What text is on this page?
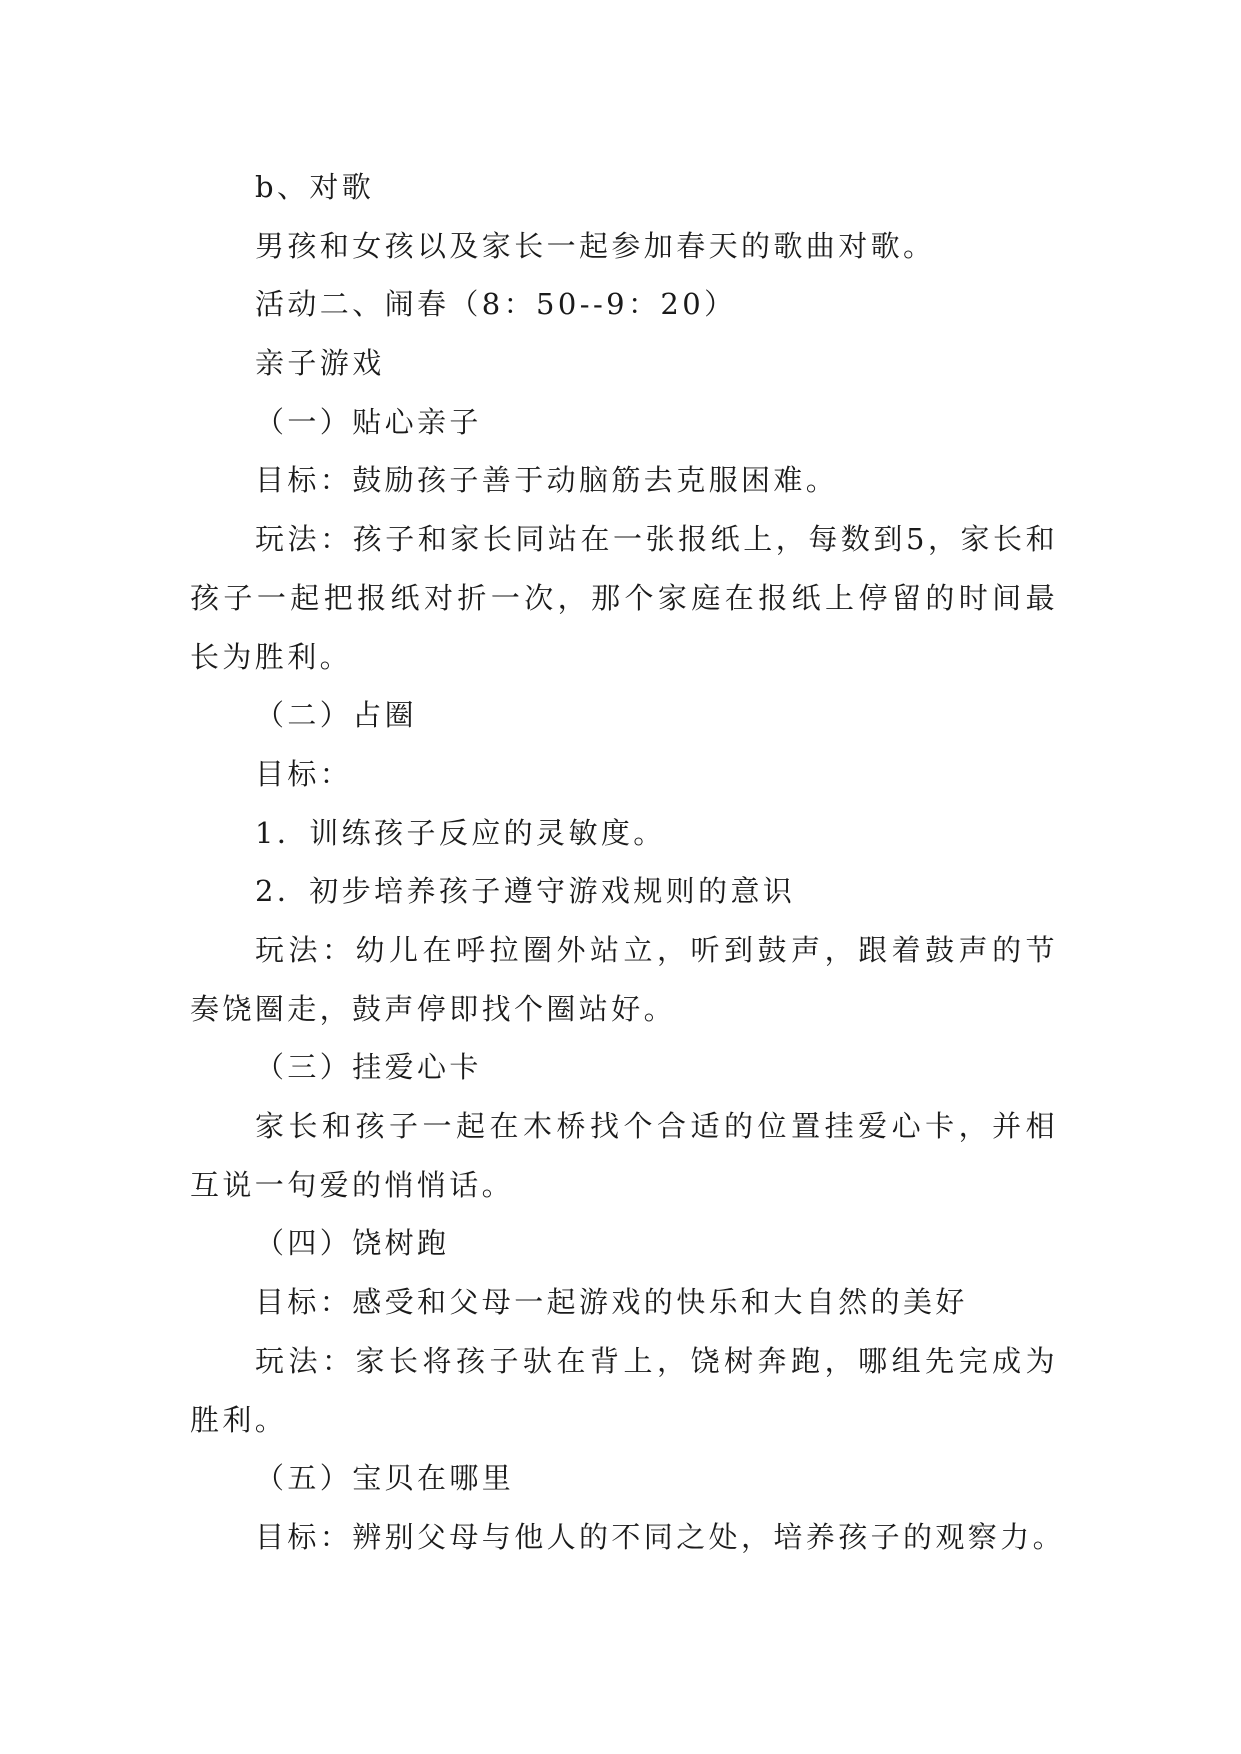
b、对歌
男孩和女孩以及家长一起参加春天的歌曲对歌。
活动二、闹春（8：50--9：20）
亲子游戏
（一）贴心亲子
目标：鼓励孩子善于动脑筋去克服困难。
玩法：孩子和家长同站在一张报纸上，每数到5，家长和孩子一起把报纸对折一次，那个家庭在报纸上停留的时间最长为胜利。
（二）占圈
目标：
1．训练孩子反应的灵敏度。
2．初步培养孩子遵守游戏规则的意识
玩法：幼儿在呼拉圈外站立，听到鼓声，跟着鼓声的节奏饶圈走，鼓声停即找个圈站好。
（三）挂爱心卡
家长和孩子一起在木桥找个合适的位置挂爱心卡，并相互说一句爱的悄悄话。
（四）饶树跑
目标：感受和父母一起游戏的快乐和大自然的美好
玩法：家长将孩子驮在背上，饶树奔跑，哪组先完成为胜利。
（五）宝贝在哪里
目标：辨别父母与他人的不同之处，培养孩子的观察力。
